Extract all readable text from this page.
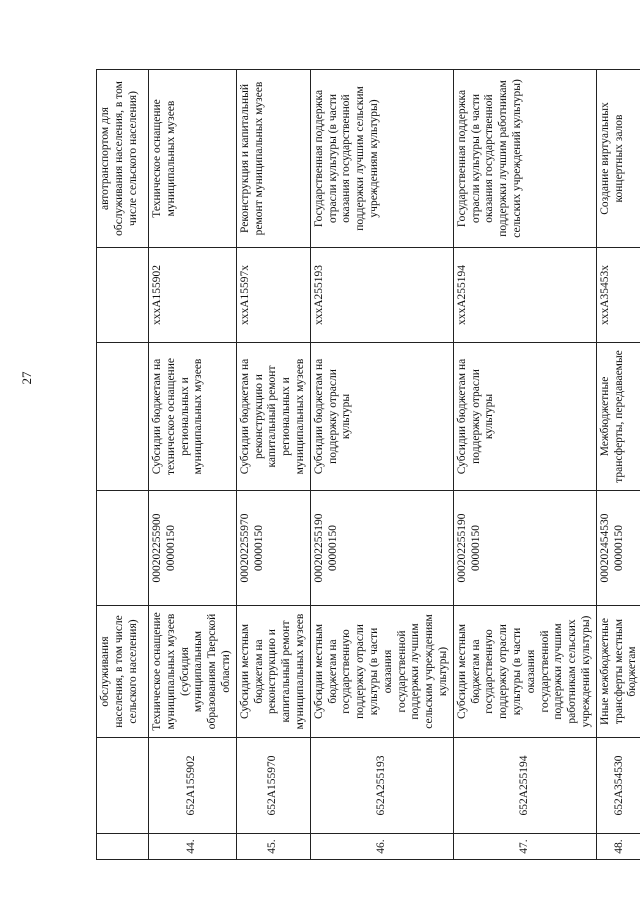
27
		обслуживания населения, в том числе сельского населения)				автотранспортом для обслуживания населения, в том числе сельского населения)
44.	652A155902	Техническое оснащение муниципальных музеев (субсидия муниципальным образованиям Тверской области)	000202255900 00000150	Субсидии бюджетам на техническое оснащение региональных и муниципальных музеев	xxxA155902	Техническое оснащение муниципальных музеев
45.	652A155970	Субсидии местным бюджетам на реконструкцию и капитальный ремонт муниципальных музеев	000202255970 00000150	Субсидии бюджетам на реконструкцию и капитальный ремонт региональных и муниципальных музеев	xxxA15597x	Реконструкция и капитальный ремонт муниципальных музеев
46.	652A255193	Субсидии местным бюджетам на государственную поддержку отрасли культуры (в части оказания государственной поддержки лучшим сельским учреждениям культуры)	000202255190 00000150	Субсидии бюджетам на поддержку отрасли культуры	xxxA255193	Государственная поддержка отрасли культуры (в части оказания государственной поддержки лучшим сельским учреждениям культуры)
47.	652A255194	Субсидии местным бюджетам на государственную поддержку отрасли культуры (в части оказания государственной поддержки лучшим работникам сельских учреждений культуры)	000202255190 00000150	Субсидии бюджетам на поддержку отрасли культуры	xxxA255194	Государственная поддержка отрасли культуры (в части оказания государственной поддержки лучшим работникам сельских учреждений культуры)
48.	652A354530	Иные межбюджетные трансферты местным бюджетам	000202454530 00000150	Межбюджетные трансферты, передаваемые	xxxA35453x	Создание виртуальных концертных залов
